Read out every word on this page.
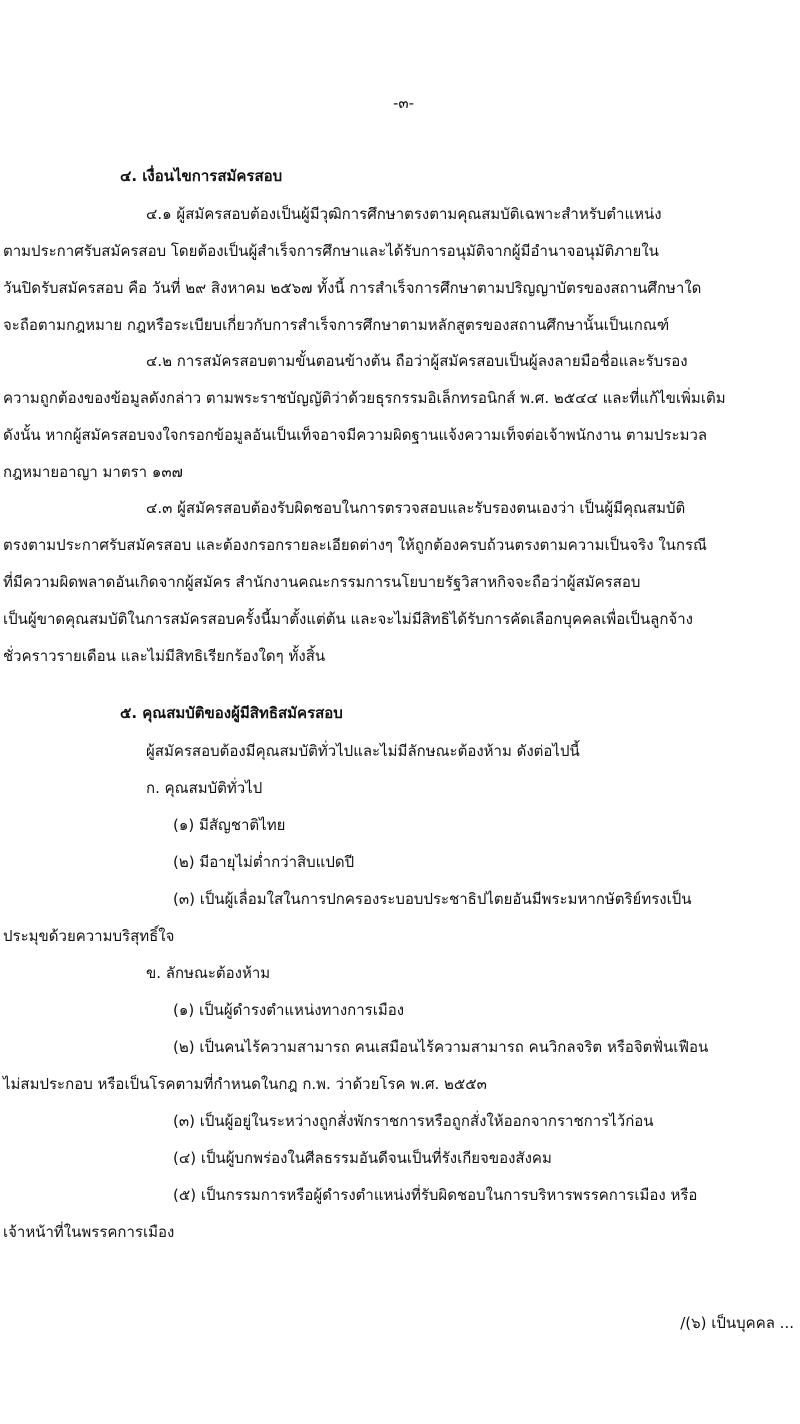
-๓-
๔. เงื่อนไขการสมัครสอบ
๔.๑ ผู้สมัครสอบต้องเป็นผู้มีวุฒิการศึกษาตรงตามคุณสมบัติเฉพาะสำหรับตำแหน่ง
ตามประกาศรับสมัครสอบ โดยต้องเป็นผู้สำเร็จการศึกษาและได้รับการอนุมัติจากผู้มีอำนาจอนุมัติภายใน
วันปิดรับสมัครสอบ คือ วันที่ ๒๙ สิงหาคม ๒๕๖๗ ทั้งนี้ การสำเร็จการศึกษาตามปริญญาบัตรของสถานศึกษาใด
จะถือตามกฎหมาย กฎหรือระเบียบเกี่ยวกับการสำเร็จการศึกษาตามหลักสูตรของสถานศึกษานั้นเป็นเกณฑ์
๔.๒ การสมัครสอบตามขั้นตอนข้างต้น ถือว่าผู้สมัครสอบเป็นผู้ลงลายมือชื่อและรับรอง
ความถูกต้องของข้อมูลดังกล่าว ตามพระราชบัญญัติว่าด้วยธุรกรรมอิเล็กทรอนิกส์ พ.ศ. ๒๕๔๔ และที่แก้ไขเพิ่มเติม
ดังนั้น หากผู้สมัครสอบจงใจกรอกข้อมูลอันเป็นเท็จอาจมีความผิดฐานแจ้งความเท็จต่อเจ้าพนักงาน ตามประมวล
กฎหมายอาญา มาตรา ๑๓๗
๔.๓ ผู้สมัครสอบต้องรับผิดชอบในการตรวจสอบและรับรองตนเองว่า เป็นผู้มีคุณสมบัติ
ตรงตามประกาศรับสมัครสอบ และต้องกรอกรายละเอียดต่างๆ ให้ถูกต้องครบถ้วนตรงตามความเป็นจริง ในกรณี
ที่มีความผิดพลาดอันเกิดจากผู้สมัคร สำนักงานคณะกรรมการนโยบายรัฐวิสาหกิจจะถือว่าผู้สมัครสอบ
เป็นผู้ขาดคุณสมบัติในการสมัครสอบครั้งนี้มาตั้งแต่ต้น และจะไม่มีสิทธิได้รับการคัดเลือกบุคคลเพื่อเป็นลูกจ้าง
ชั่วคราวรายเดือน และไม่มีสิทธิเรียกร้องใดๆ ทั้งสิ้น
๕. คุณสมบัติของผู้มีสิทธิสมัครสอบ
ผู้สมัครสอบต้องมีคุณสมบัติทั่วไปและไม่มีลักษณะต้องห้าม ดังต่อไปนี้
ก. คุณสมบัติทั่วไป
(๑) มีสัญชาติไทย
(๒) มีอายุไม่ต่ำกว่าสิบแปดปี
(๓) เป็นผู้เลื่อมใสในการปกครองระบอบประชาธิปไตยอันมีพระมหากษัตริย์ทรงเป็น
ประมุขด้วยความบริสุทธิ์ใจ
ข. ลักษณะต้องห้าม
(๑) เป็นผู้ดำรงตำแหน่งทางการเมือง
(๒) เป็นคนไร้ความสามารถ คนเสมือนไร้ความสามารถ คนวิกลจริต หรือจิตฟั่นเฟือน
ไม่สมประกอบ หรือเป็นโรคตามที่กำหนดในกฎ ก.พ. ว่าด้วยโรค พ.ศ. ๒๕๕๓
(๓) เป็นผู้อยู่ในระหว่างถูกสั่งพักราชการหรือถูกสั่งให้ออกจากราชการไว้ก่อน
(๔) เป็นผู้บกพร่องในศีลธรรมอันดีจนเป็นที่รังเกียจของสังคม
(๕) เป็นกรรมการหรือผู้ดำรงตำแหน่งที่รับผิดชอบในการบริหารพรรคการเมือง หรือ
เจ้าหน้าที่ในพรรคการเมือง
/(๖) เป็นบุคคล ...
